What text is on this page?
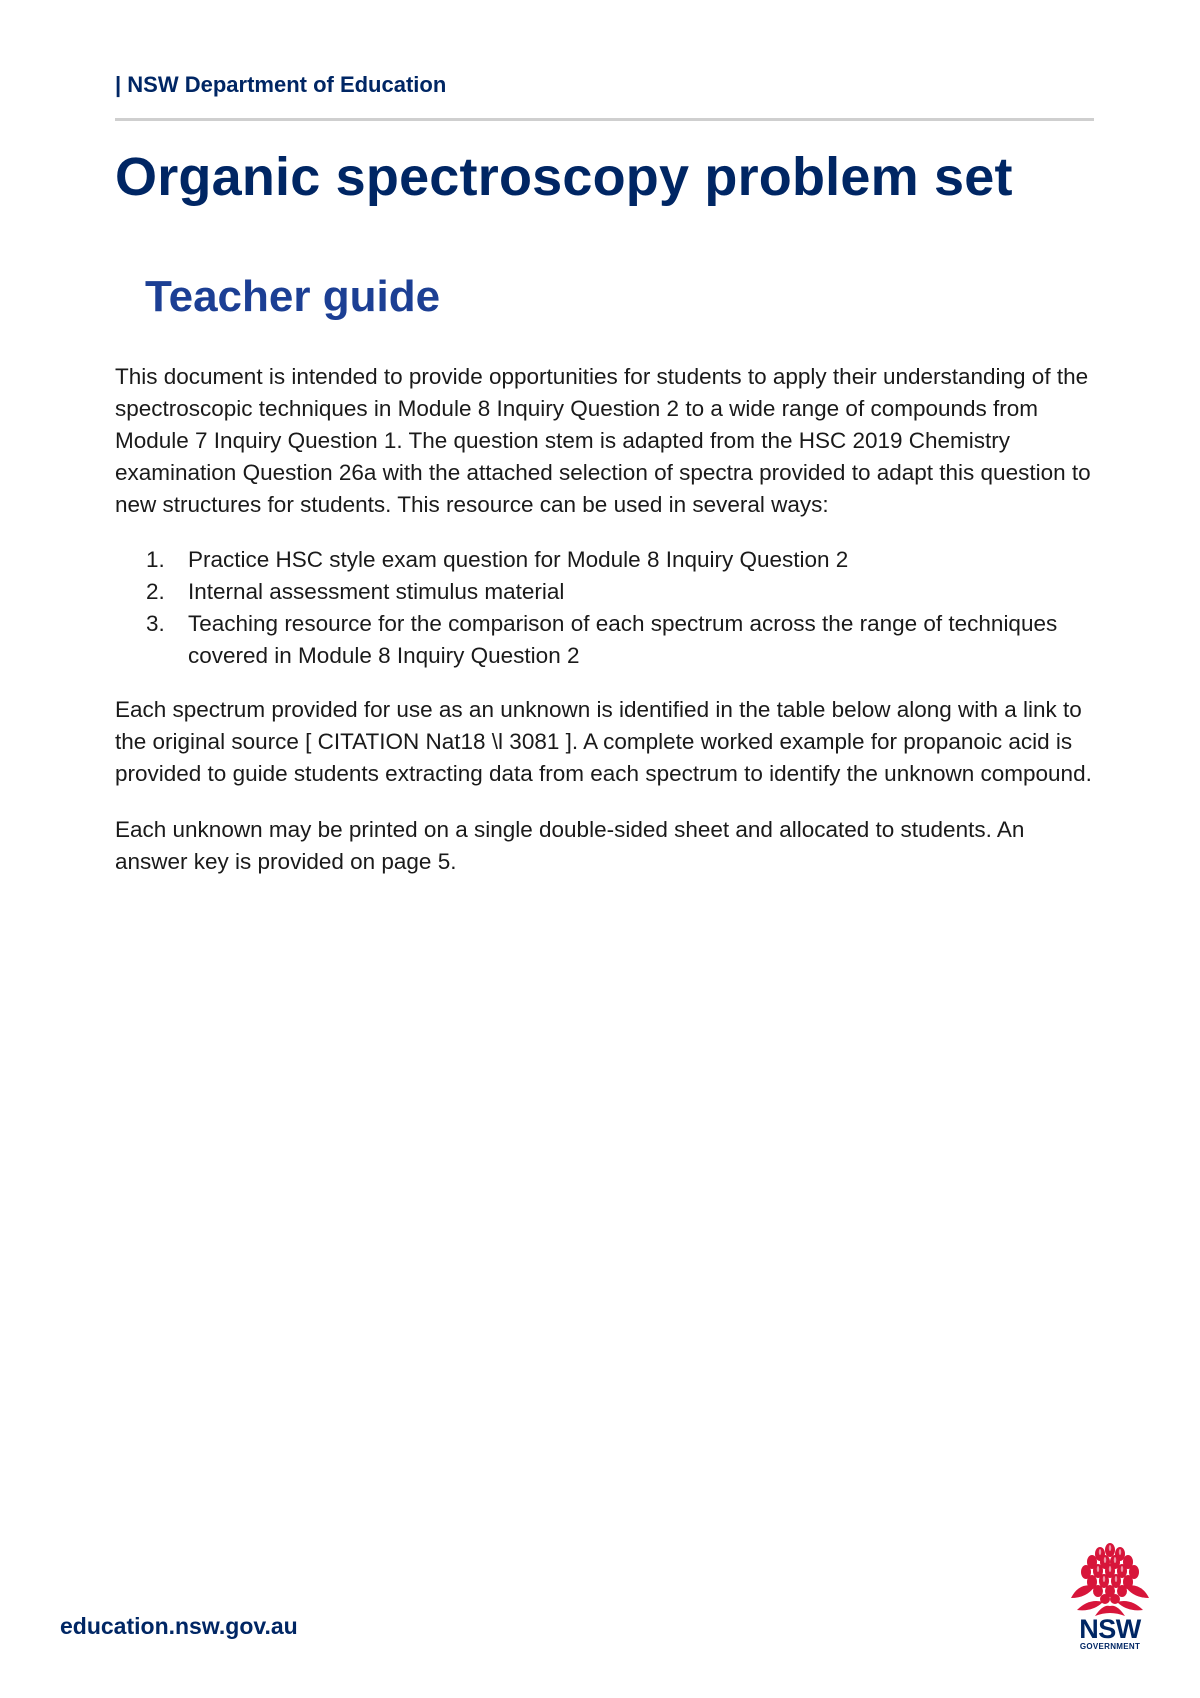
| NSW Department of Education
Organic spectroscopy problem set
Teacher guide

This document is intended to provide opportunities for students to apply their understanding of the spectroscopic techniques in Module 8 Inquiry Question 2 to a wide range of compounds from Module 7 Inquiry Question 1. The question stem is adapted from the HSC 2019 Chemistry examination Question 26a with the attached selection of spectra provided to adapt this question to new structures for students. This resource can be used in several ways:

1. Practice HSC style exam question for Module 8 Inquiry Question 2
2. Internal assessment stimulus material
3. Teaching resource for the comparison of each spectrum across the range of techniques covered in Module 8 Inquiry Question 2

Each spectrum provided for use as an unknown is identified in the table below along with a link to the original source [ CITATION Nat18 \l 3081 ]. A complete worked example for propanoic acid is provided to guide students extracting data from each spectrum to identify the unknown compound.

Each unknown may be printed on a single double-sided sheet and allocated to students. An answer key is provided on page 5.

education.nsw.gov.au	NSW
GOVERNMENT
